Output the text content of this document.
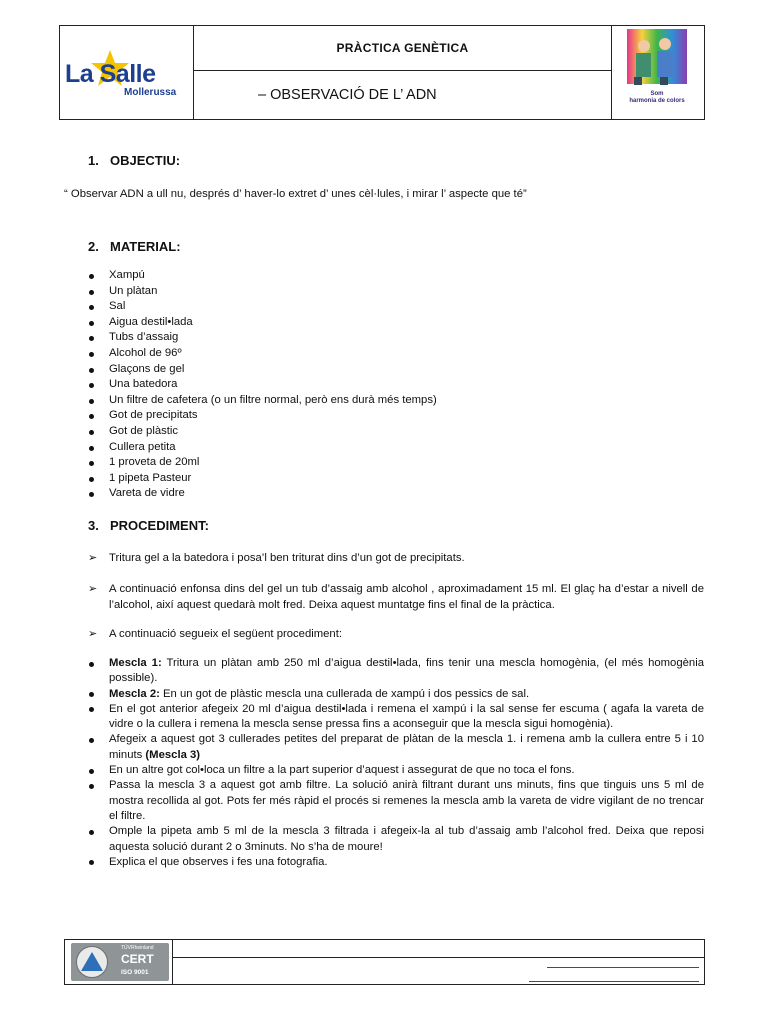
La Salle
Mollerussa
PRÀCTICA GENÈTICA
– OBSERVACIÓ DE L’ ADN	Som
harmonia de colors
1. OBJECTIU:
“ Observar ADN a ull nu, després d’ haver-lo extret d’ unes cèl·lules, i mirar l’ aspecte que té”
2. MATERIAL:
Xampú
Un plàtan
Sal
Aigua destil•lada
Tubs d’assaig
Alcohol de 96º
Glaçons de gel
Una batedora
Un filtre de cafetera (o un filtre normal, però ens durà més temps)
Got de precipitats
Got de plàstic
Cullera petita
1 proveta de 20ml
1 pipeta Pasteur
Vareta de vidre
3. PROCEDIMENT:
➢ Tritura gel a la batedora i posa’l ben triturat dins d’un got de precipitats.
➢ A continuació enfonsa dins del gel un tub d’assaig amb alcohol , aproximadament 15 ml. El glaç ha d’estar a nivell de l’alcohol, així aquest quedarà molt fred. Deixa aquest muntatge fins el final de la pràctica.
➢ A continuació segueix el següent procediment:
Mescla 1: Tritura un plàtan amb 250 ml d’aigua destil•lada, fins tenir una mescla homogènia, (el més homogènia possible).
Mescla 2: En un got de plàstic mescla una cullerada de xampú i dos pessics de sal.
En el got anterior afegeix 20 ml d’aigua destil•lada i remena el xampú i la sal sense fer escuma ( agafa la vareta de vidre o la cullera i remena la mescla sense pressa fins a aconseguir que la mescla sigui homogènia).
Afegeix a aquest got 3 cullerades petites del preparat de plàtan de la mescla 1. i remena amb la cullera entre 5 i 10 minuts (Mescla 3)
En un altre got col•loca un filtre a la part superior d’aquest i assegurat de que no toca el fons.
Passa la mescla 3 a aquest got amb filtre. La solució anirà filtrant durant uns minuts, fins que tinguis uns 5 ml de mostra recollida al got. Pots fer més ràpid el procés si remenes la mescla amb la vareta de vidre vigilant de no trencar el filtre.
Omple la pipeta amb 5 ml de la mescla 3 filtrada i afegeix-la al tub d’assaig amb l’alcohol fred. Deixa que reposi aquesta solució durant 2 o 3minuts. No s’ha de moure!
Explica el que observes i fes una fotografia.
TÜVRheinland
CERT
ISO 9001
